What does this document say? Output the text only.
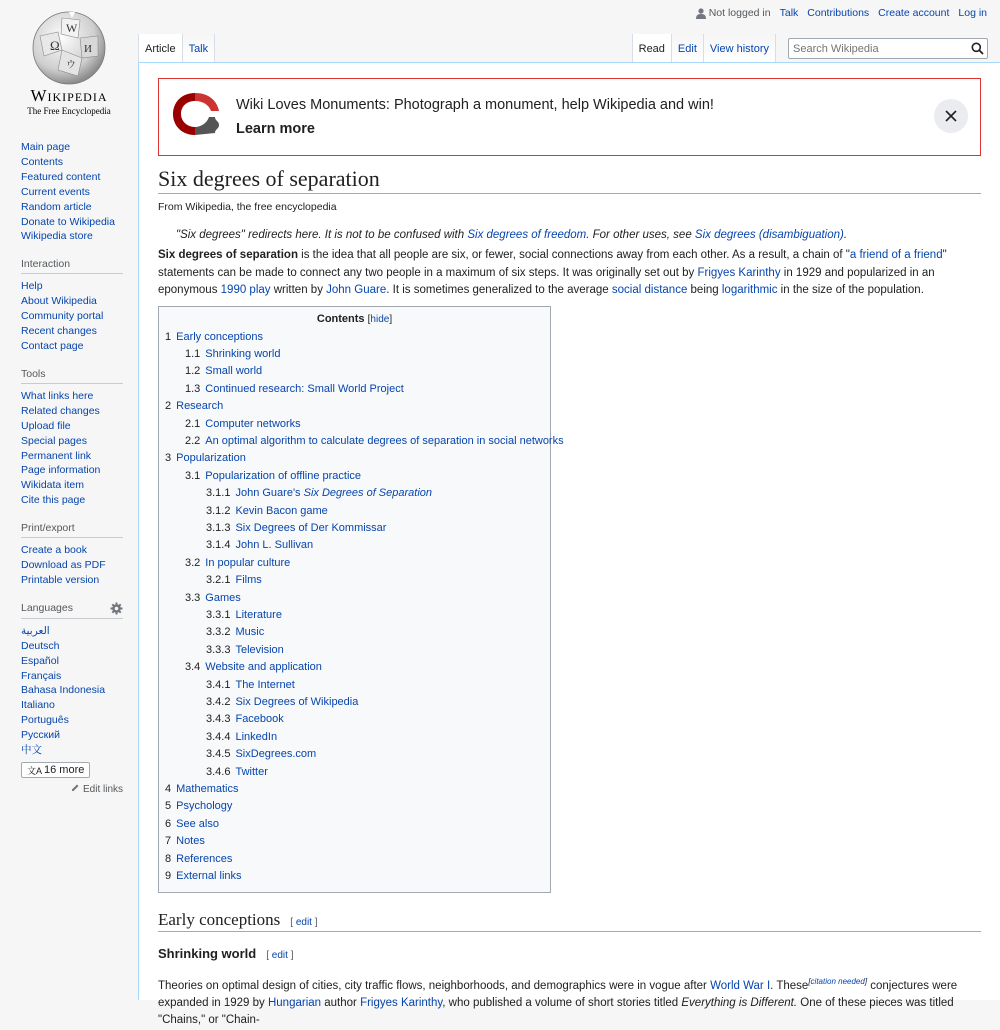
Ω
W
И
ウ
Wikipedia
The Free Encyclopedia
Not logged in Talk Contributions Create account Log in
Article	Talk	Read	Edit	View history
Search Wikipedia
Main page
Contents
Featured content
Current events
Random article
Donate to Wikipedia
Wikipedia store
Interaction
Help
About Wikipedia
Community portal
Recent changes
Contact page
Tools
What links here
Related changes
Upload file
Special pages
Permanent link
Page information
Wikidata item
Cite this page
Print/export
Create a book
Download as PDF
Printable version
Languages
العربية
Deutsch
Español
Français
Bahasa Indonesia
Italiano
Português
Русский
中文
文A 16 more
Edit links
Wiki Loves Monuments: Photograph a monument, help Wikipedia and win!
Learn more
Six degrees of separation
From Wikipedia, the free encyclopedia
"Six degrees" redirects here. It is not to be confused with Six degrees of freedom. For other uses, see Six degrees (disambiguation).

Six degrees of separation is the idea that all people are six, or fewer, social connections away from each other. As a result, a chain of "a friend of a friend" statements can be made to connect any two people in a maximum of six steps. It was originally set out by Frigyes Karinthy in 1929 and popularized in an eponymous 1990 play written by John Guare. It is sometimes generalized to the average social distance being logarithmic in the size of the population.

Contents [hide]
1 Early conceptions
1.1 Shrinking world
1.2 Small world
1.3 Continued research: Small World Project
2 Research
2.1 Computer networks
2.2 An optimal algorithm to calculate degrees of separation in social networks
3 Popularization
3.1 Popularization of offline practice
3.1.1 John Guare's Six Degrees of Separation
3.1.2 Kevin Bacon game
3.1.3 Six Degrees of Der Kommissar
3.1.4 John L. Sullivan
3.2 In popular culture
3.2.1 Films
3.3 Games
3.3.1 Literature
3.3.2 Music
3.3.3 Television
3.4 Website and application
3.4.1 The Internet
3.4.2 Six Degrees of Wikipedia
3.4.3 Facebook
3.4.4 LinkedIn
3.4.5 SixDegrees.com
3.4.6 Twitter
4 Mathematics
5 Psychology
6 See also
7 Notes
8 References
9 External links
Early conceptions [ edit ]
Shrinking world [ edit ]

Theories on optimal design of cities, city traffic flows, neighborhoods, and demographics were in vogue after World War I. These[citation needed] conjectures were expanded in 1929 by Hungarian author Frigyes Karinthy, who published a volume of short stories titled Everything is Different. One of these pieces was titled "Chains," or "Chain-
